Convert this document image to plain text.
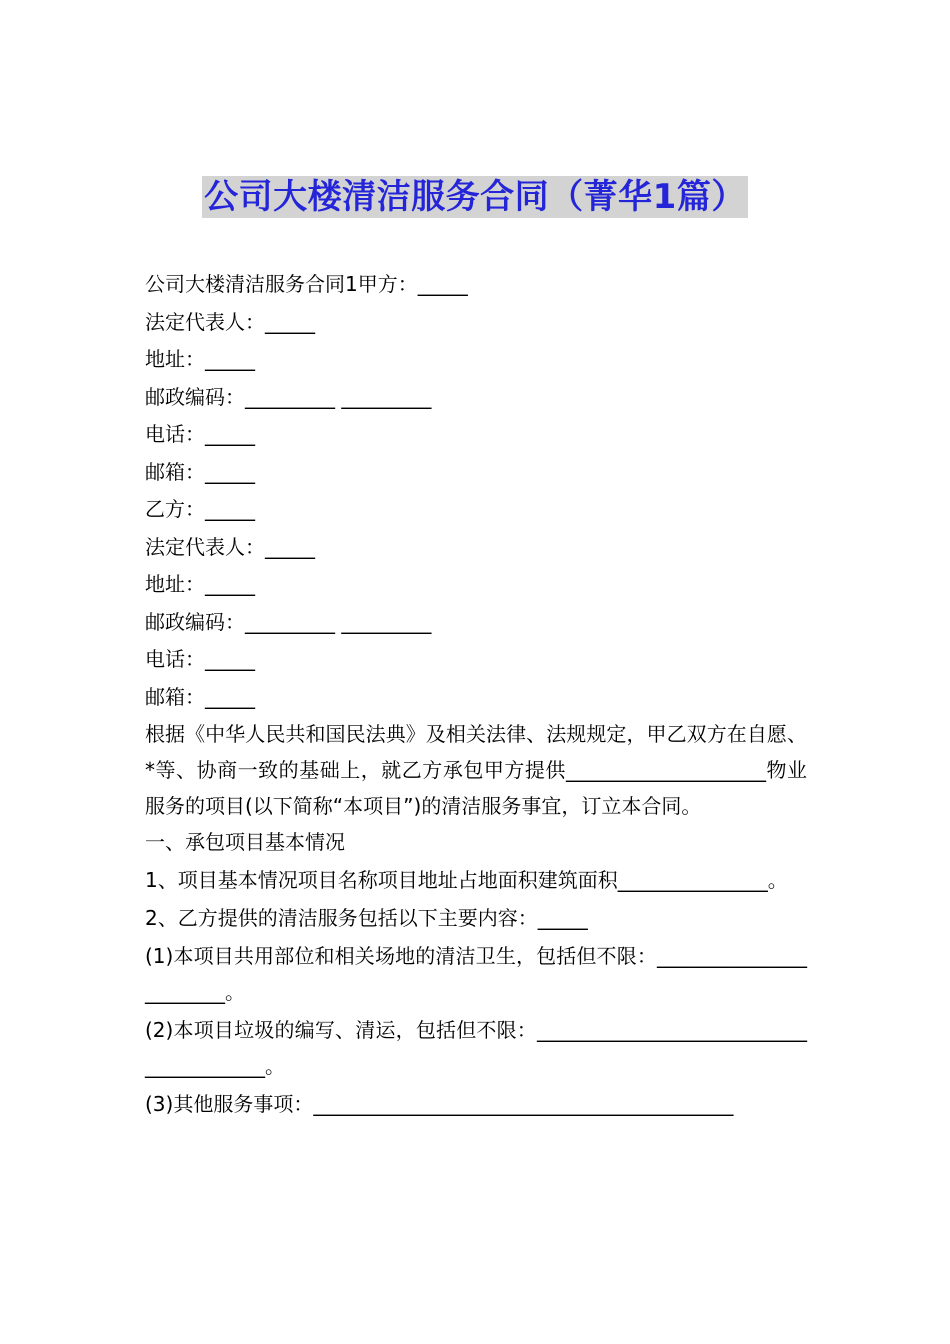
公司大楼清洁服务合同（菁华1篇）
公司大楼清洁服务合同1甲方：_____
法定代表人：_____
地址：_____
邮政编码：_________ _________
电话：_____
邮箱：_____
乙方：_____
法定代表人：_____
地址：_____
邮政编码：_________ _________
电话：_____
邮箱：_____
根据《中华人民共和国民法典》及相关法律、法规规定，甲乙双方在自愿、*等、协商一致的基础上，就乙方承包甲方提供____________________物业服务的项目(以下简称“本项目”)的清洁服务事宜，订立本合同。
一、承包项目基本情况
1、项目基本情况项目名称项目地址占地面积建筑面积_______________。
2、乙方提供的清洁服务包括以下主要内容：_____
(1)本项目共用部位和相关场地的清洁卫生，包括但不限：_______________________。
(2)本项目垃圾的编写、清运，包括但不限：_______________________________________。
(3)其他服务事项：__________________________________________
